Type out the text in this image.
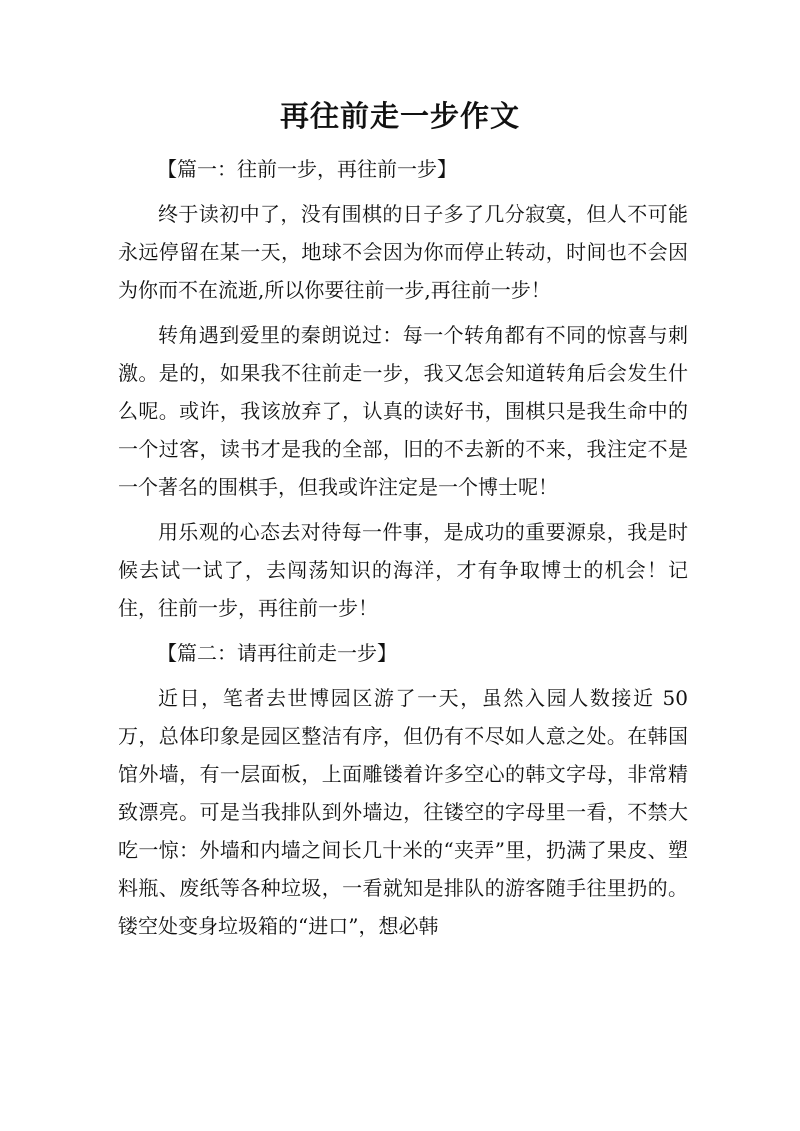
再往前走一步作文

【篇一：往前一步，再往前一步】

终于读初中了，没有围棋的日子多了几分寂寞，但人不可能永远停留在某一天，地球不会因为你而停止转动，时间也不会因为你而不在流逝,所以你要往前一步,再往前一步！

转角遇到爱里的秦朗说过：每一个转角都有不同的惊喜与刺激。是的，如果我不往前走一步，我又怎会知道转角后会发生什么呢。或许，我该放弃了，认真的读好书，围棋只是我生命中的一个过客，读书才是我的全部，旧的不去新的不来，我注定不是一个著名的围棋手，但我或许注定是一个博士呢！

用乐观的心态去对待每一件事，是成功的重要源泉，我是时候去试一试了，去闯荡知识的海洋，才有争取博士的机会！记住，往前一步，再往前一步！

【篇二：请再往前走一步】

近日，笔者去世博园区游了一天，虽然入园人数接近 50 万，总体印象是园区整洁有序，但仍有不尽如人意之处。在韩国馆外墙，有一层面板，上面雕镂着许多空心的韩文字母，非常精致漂亮。可是当我排队到外墙边，往镂空的字母里一看，不禁大吃一惊：外墙和内墙之间长几十米的“夹弄”里，扔满了果皮、塑料瓶、废纸等各种垃圾，一看就知是排队的游客随手往里扔的。镂空处变身垃圾箱的“进口”，想必韩
